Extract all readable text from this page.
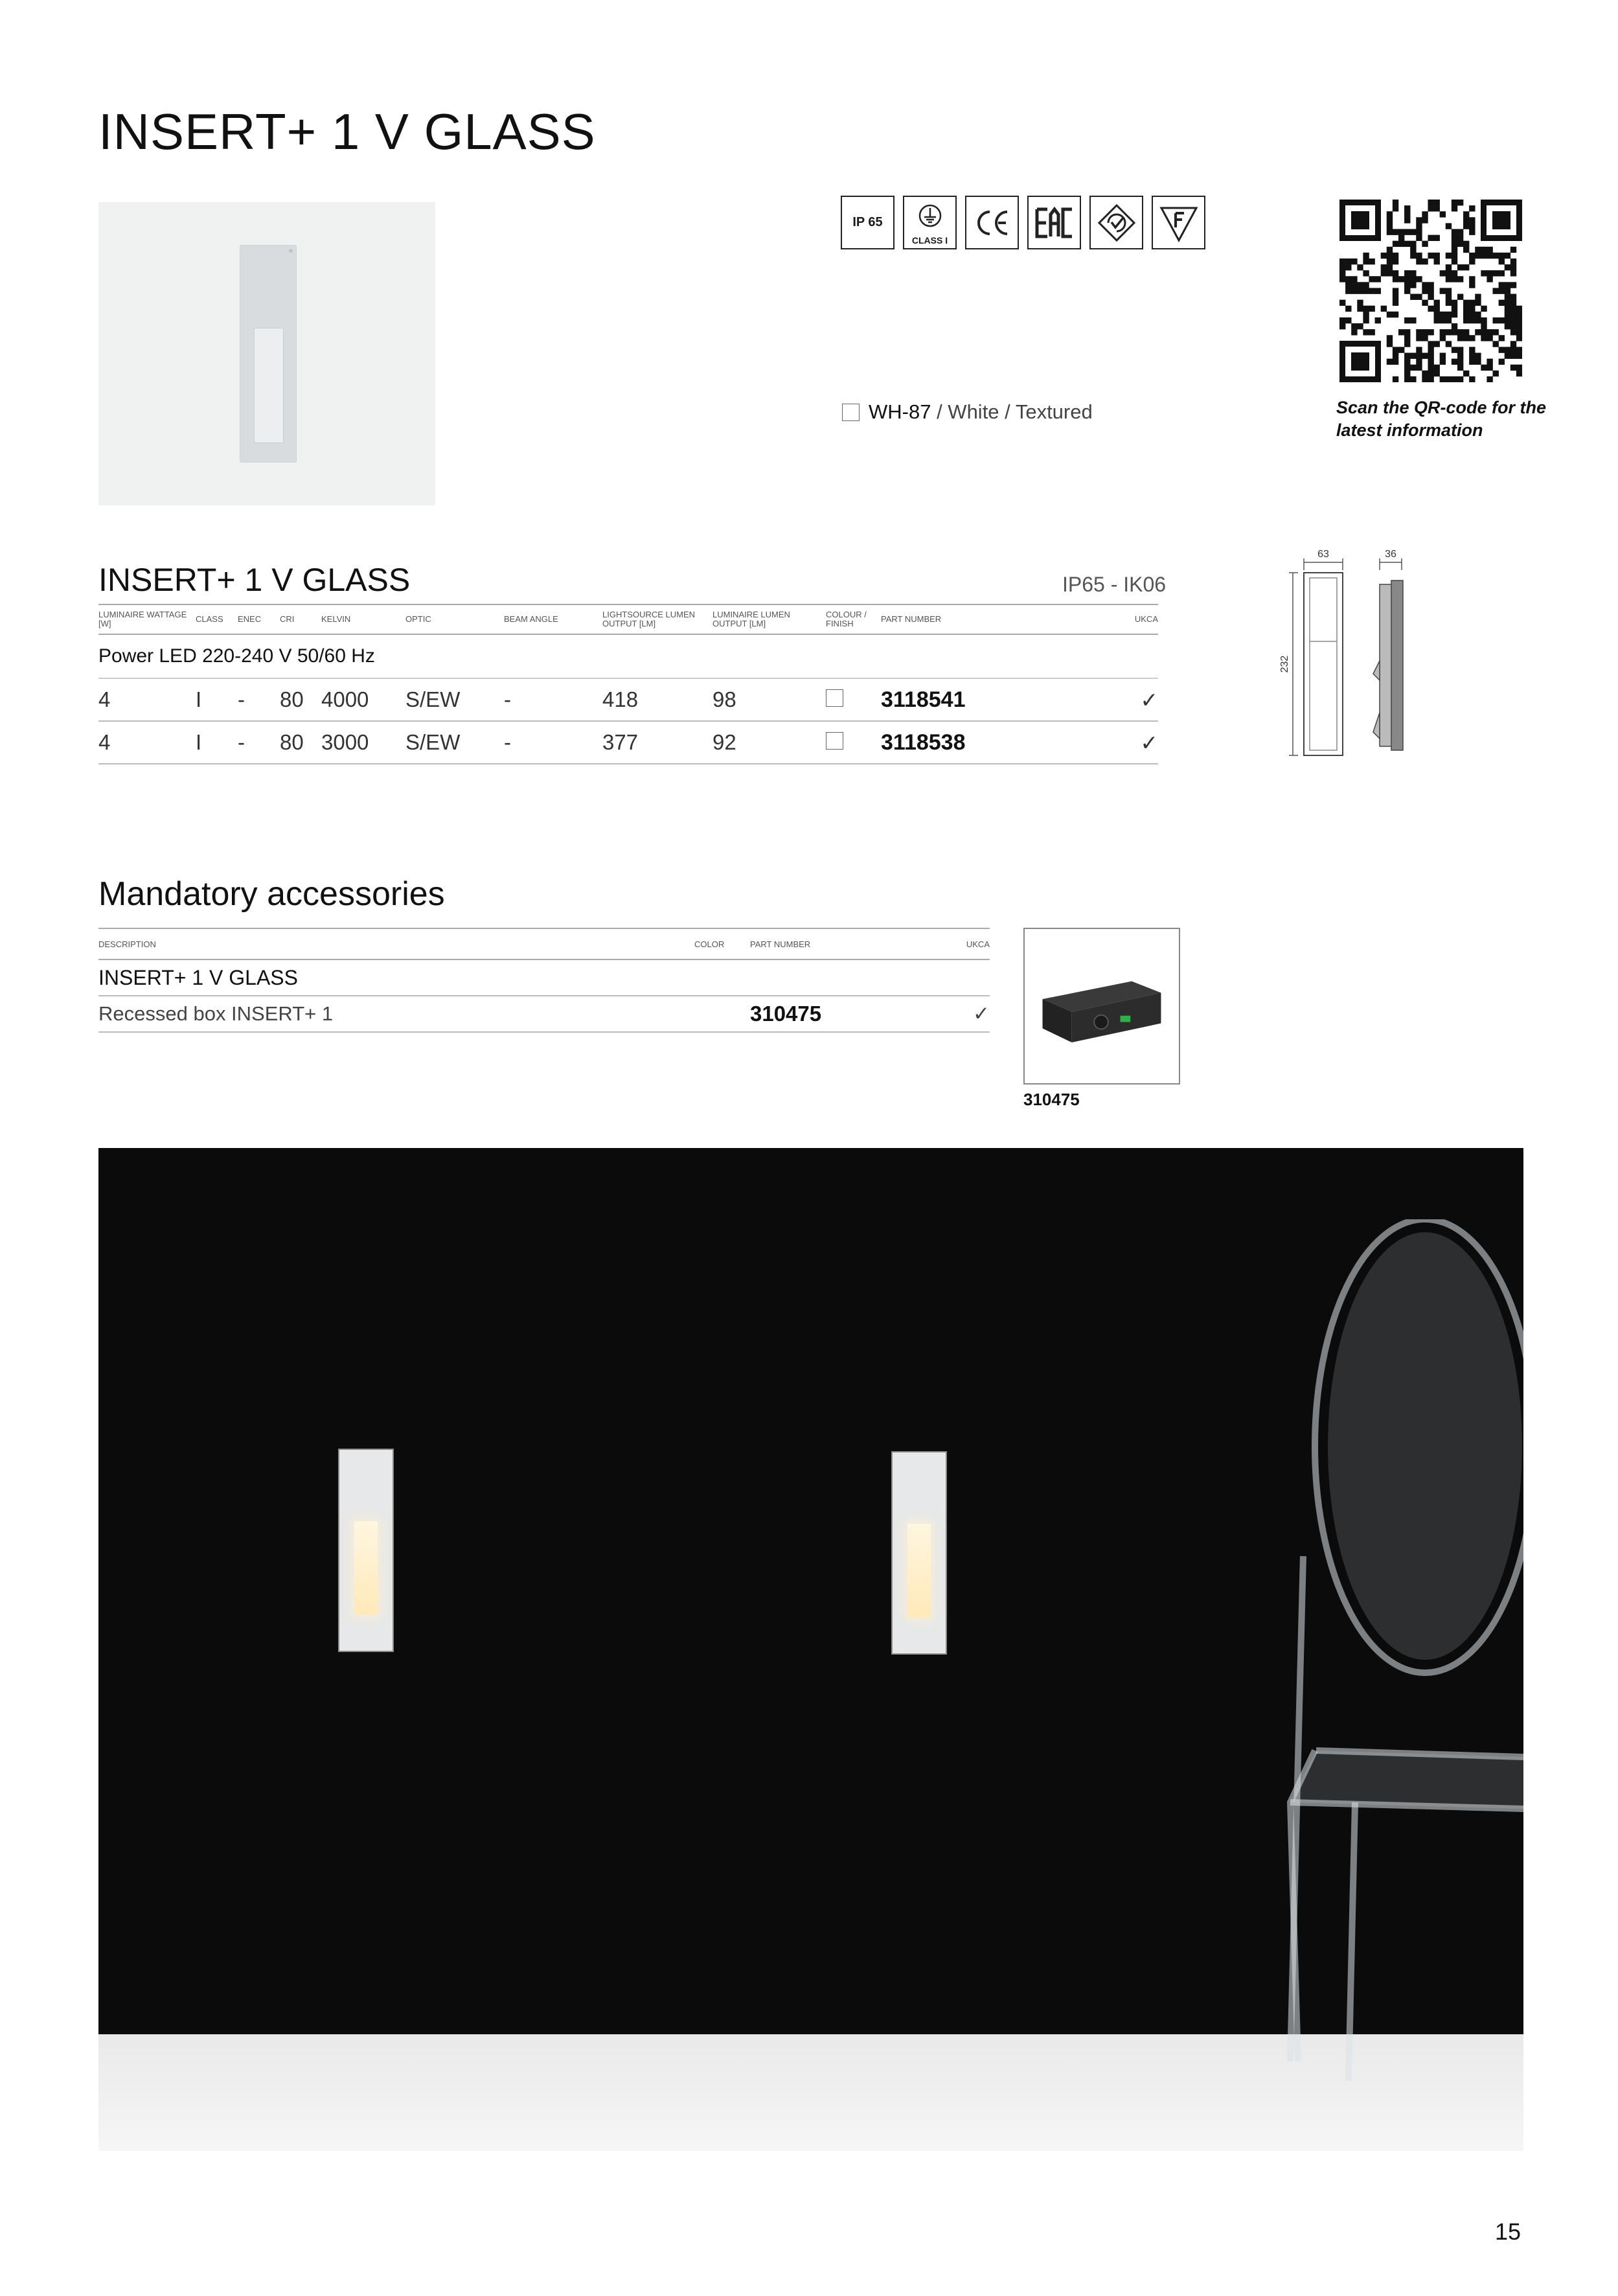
INSERT+ 1 V GLASS
IP 65
CLASS I
Scan the QR-code for the
latest information
WH-87 / White / Textured
INSERT+ 1 V GLASS	IP65 - IK06
LUMINAIRE WATTAGE [W]	CLASS	ENEC	CRI	KELVIN	OPTIC	BEAM ANGLE	LIGHTSOURCE LUMEN OUTPUT [LM]	LUMINAIRE LUMEN OUTPUT [LM]	COLOUR / FINISH	PART NUMBER	UKCA
Power LED 220-240 V 50/60 Hz											
4	I	-	80	4000	S/EW	-	418	98		3118541	✓
4	I	-	80	3000	S/EW	-	377	92		3118538	✓
63	36
232
Mandatory accessories
DESCRIPTION	COLOR	PART NUMBER	UKCA
INSERT+ 1 V GLASS			
Recessed box INSERT+ 1		310475	✓
310475
15
